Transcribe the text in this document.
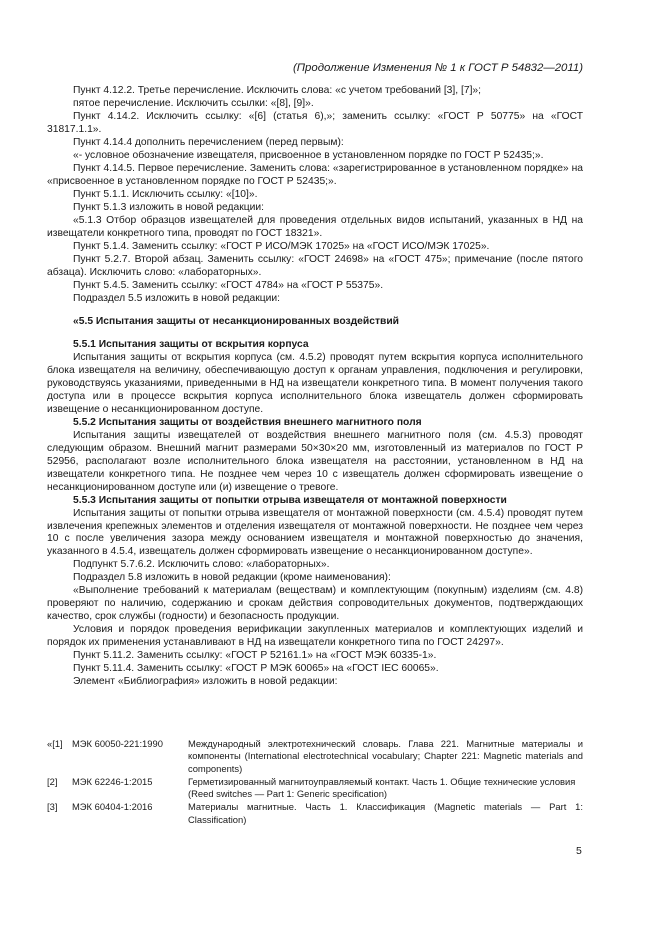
(Продолжение Изменения № 1 к ГОСТ Р 54832—2011)

Пункт 4.12.2. Третье перечисление. Исключить слова: «с учетом требований [3], [7]»;

пятое перечисление. Исключить ссылки: «[8], [9]».

Пункт 4.14.2. Исключить ссылку: «[6] (статья 6),»; заменить ссылку: «ГОСТ Р 50775» на «ГОСТ 31817.1.1».

Пункт 4.14.4 дополнить перечислением (перед первым):

«- условное обозначение извещателя, присвоенное в установленном порядке по ГОСТ Р 52435;».

Пункт 4.14.5. Первое перечисление. Заменить слова: «зарегистрированное в установленном порядке» на «присвоенное в установленном порядке по ГОСТ Р 52435;».

Пункт 5.1.1. Исключить ссылку: «[10]».

Пункт 5.1.3 изложить в новой редакции:

«5.1.3 Отбор образцов извещателей для проведения отдельных видов испытаний, указанных в НД на извещатели конкретного типа, проводят по ГОСТ 18321».

Пункт 5.1.4. Заменить ссылку: «ГОСТ Р ИСО/МЭК 17025» на «ГОСТ ИСО/МЭК 17025».

Пункт 5.2.7. Второй абзац. Заменить ссылку: «ГОСТ 24698» на «ГОСТ 475»; примечание (после пятого абзаца). Исключить слово: «лабораторных».

Пункт 5.4.5. Заменить ссылку: «ГОСТ 4784» на «ГОСТ Р 55375».

Подраздел 5.5 изложить в новой редакции:

«5.5 Испытания защиты от несанкционированных воздействий

5.5.1 Испытания защиты от вскрытия корпуса

Испытания защиты от вскрытия корпуса (см. 4.5.2) проводят путем вскрытия корпуса исполнительного блока извещателя на величину, обеспечивающую доступ к органам управления, подключения и регулировки, руководствуясь указаниями, приведенными в НД на извещатели конкретного типа. В момент получения такого доступа или в процессе вскрытия корпуса исполнительного блока извещатель должен сформировать извещение о несанкционированном доступе.

5.5.2 Испытания защиты от воздействия внешнего магнитного поля

Испытания защиты извещателей от воздействия внешнего магнитного поля (см. 4.5.3) проводят следующим образом. Внешний магнит размерами 50×30×20 мм, изготовленный из материалов по ГОСТ Р 52956, располагают возле исполнительного блока извещателя на расстоянии, установленном в НД на извещатели конкретного типа. Не позднее чем через 10 с извещатель должен сформировать извещение о несанкционированном доступе или (и) извещение о тревоге.

5.5.3 Испытания защиты от попытки отрыва извещателя от монтажной поверхности

Испытания защиты от попытки отрыва извещателя от монтажной поверхности (см. 4.5.4) проводят путем извлечения крепежных элементов и отделения извещателя от монтажной поверхности. Не позднее чем через 10 с после увеличения зазора между основанием извещателя и монтажной поверхностью до значения, указанного в 4.5.4, извещатель должен сформировать извещение о несанкционированном доступе».

Подпункт 5.7.6.2. Исключить слово: «лабораторных».

Подраздел 5.8 изложить в новой редакции (кроме наименования):

«Выполнение требований к материалам (веществам) и комплектующим (покупным) изделиям (см. 4.8) проверяют по наличию, содержанию и срокам действия сопроводительных документов, подтверждающих качество, срок службы (годности) и безопасность продукции.

Условия и порядок проведения верификации закупленных материалов и комплектующих изделий и порядок их применения устанавливают в НД на извещатели конкретного типа по ГОСТ 24297».

Пункт 5.11.2. Заменить ссылку: «ГОСТ Р 52161.1» на «ГОСТ МЭК 60335-1».

Пункт 5.11.4. Заменить ссылку: «ГОСТ Р МЭК 60065» на «ГОСТ IEC 60065».

Элемент «Библиография» изложить в новой редакции:

«[1] МЭК 60050-221:1990	Международный электротехнический словарь. Глава 221. Магнитные материалы и компоненты (International electrotechnical vocabulary; Chapter 221: Magnetic materials and components)
[2]	МЭК 62246-1:2015	Герметизированный магнитоуправляемый контакт. Часть 1. Общие технические условия
(Reed switches — Part 1: Generic specification)
[3]	МЭК 60404-1:2016	Материалы магнитные. Часть 1. Классификация (Magnetic materials — Part 1: Classification)
5
